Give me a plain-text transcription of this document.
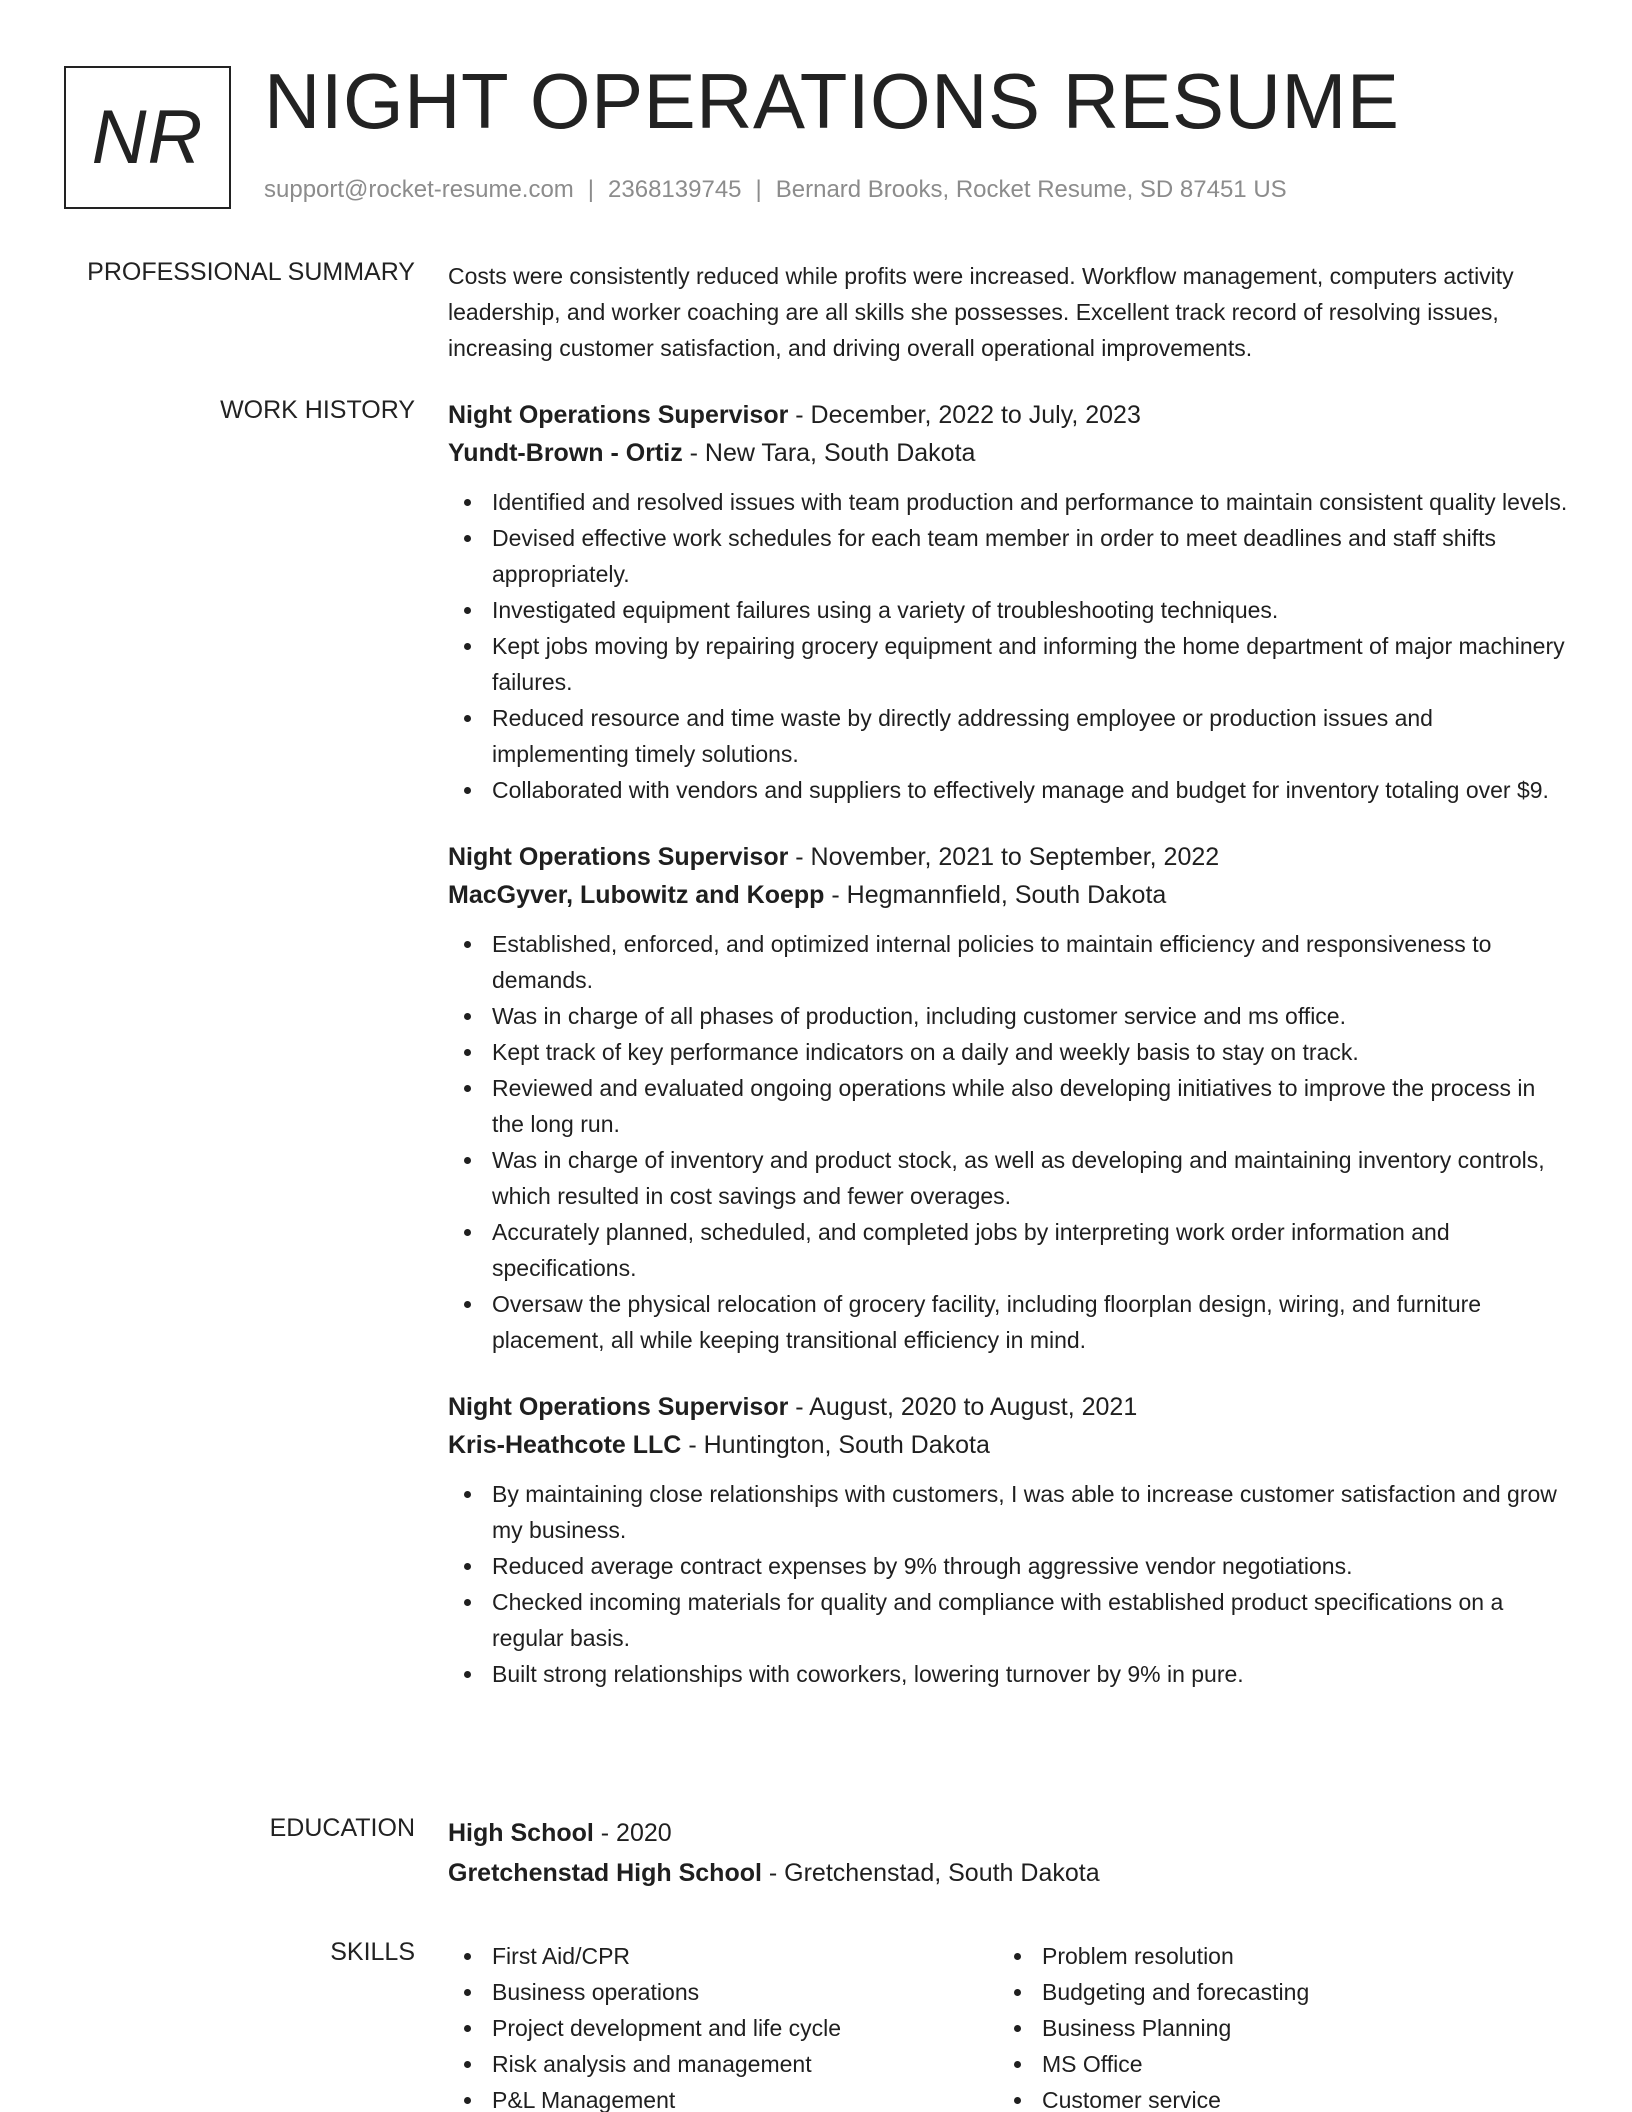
NR NIGHT OPERATIONS RESUME
support@rocket-resume.com | 2368139745 | Bernard Brooks, Rocket Resume, SD 87451 US
PROFESSIONAL SUMMARY Costs were consistently reduced while profits were increased. Workflow management, computers activity leadership, and worker coaching are all skills she possesses. Excellent track record of resolving issues, increasing customer satisfaction, and driving overall operational improvements.
WORK HISTORY Night Operations Supervisor - December, 2022 to July, 2023
Yundt-Brown - Ortiz - New Tara, South Dakota
Identified and resolved issues with team production and performance to maintain consistent quality levels.
Devised effective work schedules for each team member in order to meet deadlines and staff shifts appropriately.
Investigated equipment failures using a variety of troubleshooting techniques.
Kept jobs moving by repairing grocery equipment and informing the home department of major machinery failures.
Reduced resource and time waste by directly addressing employee or production issues and implementing timely solutions.
Collaborated with vendors and suppliers to effectively manage and budget for inventory totaling over $9.
Night Operations Supervisor - November, 2021 to September, 2022
MacGyver, Lubowitz and Koepp - Hegmannfield, South Dakota
Established, enforced, and optimized internal policies to maintain efficiency and responsiveness to demands.
Was in charge of all phases of production, including customer service and ms office.
Kept track of key performance indicators on a daily and weekly basis to stay on track.
Reviewed and evaluated ongoing operations while also developing initiatives to improve the process in the long run.
Was in charge of inventory and product stock, as well as developing and maintaining inventory controls, which resulted in cost savings and fewer overages.
Accurately planned, scheduled, and completed jobs by interpreting work order information and specifications.
Oversaw the physical relocation of grocery facility, including floorplan design, wiring, and furniture placement, all while keeping transitional efficiency in mind.
Night Operations Supervisor - August, 2020 to August, 2021
Kris-Heathcote LLC - Huntington, South Dakota
By maintaining close relationships with customers, I was able to increase customer satisfaction and grow my business.
Reduced average contract expenses by 9% through aggressive vendor negotiations.
Checked incoming materials for quality and compliance with established product specifications on a regular basis.
Built strong relationships with coworkers, lowering turnover by 9% in pure.
EDUCATION High School - 2020
Gretchenstad High School - Gretchenstad, South Dakota
SKILLS	First Aid/CPR
Business operations
Project development and life cycle
Risk analysis and management
P&L Management
Problem resolution
Budgeting and forecasting
Business Planning
MS Office
Customer service
